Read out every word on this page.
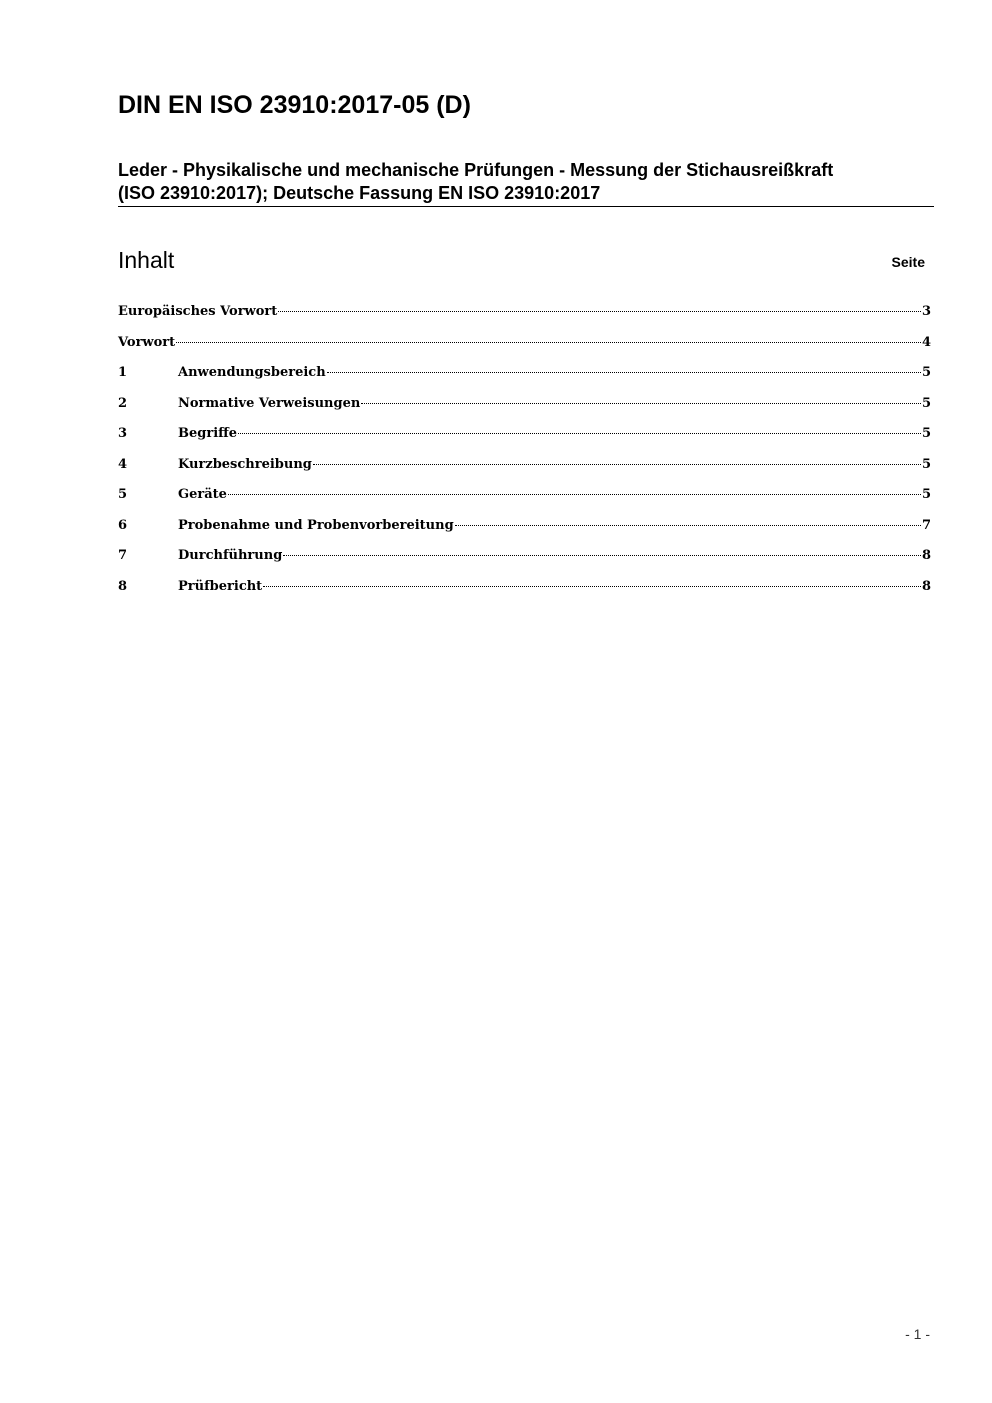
DIN EN ISO 23910:2017-05 (D)
Leder - Physikalische und mechanische Prüfungen - Messung der Stichausreißkraft
(ISO 23910:2017); Deutsche Fassung EN ISO 23910:2017
Inhalt	Seite
Europäisches Vorwort	3
Vorwort	4
1	Anwendungsbereich	5
2	Normative Verweisungen	5
3	Begriffe	5
4	Kurzbeschreibung	5
5	Geräte	5
6	Probenahme und Probenvorbereitung	7
7	Durchführung	8
8	Prüfbericht	8
- 1 -
